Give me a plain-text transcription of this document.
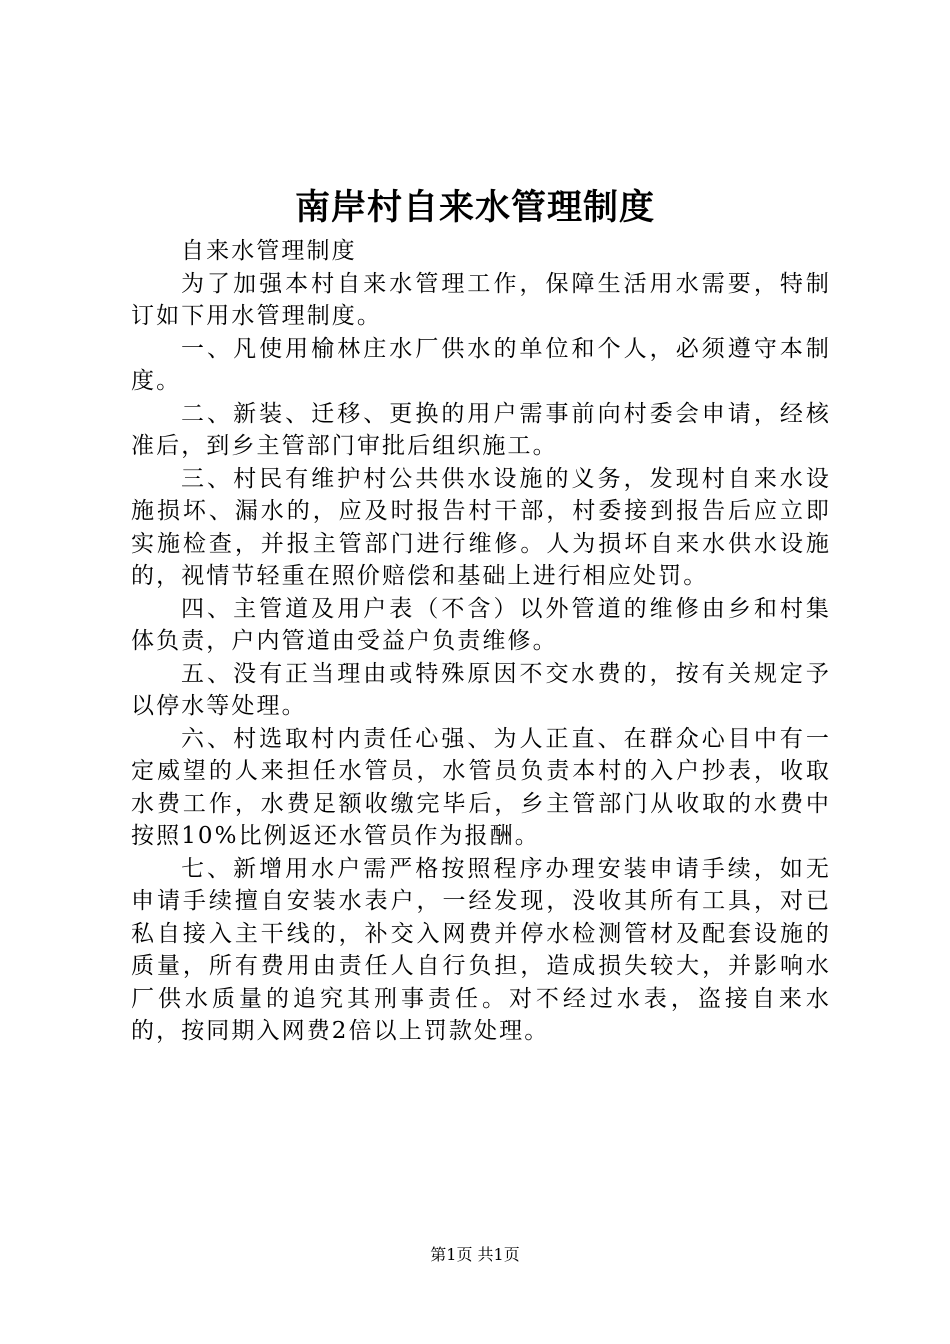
南岸村自来水管理制度

自来水管理制度

为了加强本村自来水管理工作，保障生活用水需要，特制订如下用水管理制度。

一、凡使用榆林庄水厂供水的单位和个人，必须遵守本制度。

二、新装、迁移、更换的用户需事前向村委会申请，经核准后，到乡主管部门审批后组织施工。

三、村民有维护村公共供水设施的义务，发现村自来水设施损坏、漏水的，应及时报告村干部，村委接到报告后应立即实施检查，并报主管部门进行维修。人为损坏自来水供水设施的，视情节轻重在照价赔偿和基础上进行相应处罚。

四、主管道及用户表（不含）以外管道的维修由乡和村集体负责，户内管道由受益户负责维修。

五、没有正当理由或特殊原因不交水费的，按有关规定予以停水等处理。

六、村选取村内责任心强、为人正直、在群众心目中有一定威望的人来担任水管员，水管员负责本村的入户抄表，收取水费工作，水费足额收缴完毕后，乡主管部门从收取的水费中按照10%比例返还水管员作为报酬。

七、新增用水户需严格按照程序办理安装申请手续，如无申请手续擅自安装水表户，一经发现，没收其所有工具，对已私自接入主干线的，补交入网费并停水检测管材及配套设施的质量，所有费用由责任人自行负担，造成损失较大，并影响水厂供水质量的追究其刑事责任。对不经过水表，盗接自来水的，按同期入网费2倍以上罚款处理。

第1页 共1页
